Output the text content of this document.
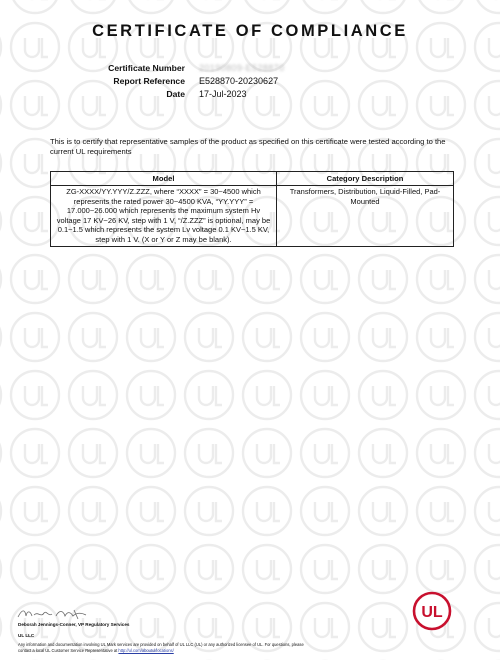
CERTIFICATE OF COMPLIANCE
Certificate Number	20190809-E528870
Report Reference	E528870-20230627
Date	17-Jul-2023
This is to certify that representative samples of the product as specified on this certificate were tested according to the current UL requirements
Model	Category Description
ZG-XXXX/YY.YYY/Z.ZZZ, where “XXXX” = 30~4500 which represents the rated power 30~4500 KVA, “YY.YYY” = 17.000~26.000 which represents the maximum system Hv voltage 17 KV~26 KV, step with 1 V, “/Z.ZZZ” is optional, may be 0.1~1.5 which represents the system Lv voltage 0.1 KV~1.5 KV, step with 1 V. (X or Y or Z may be blank).	Transformers, Distribution, Liquid-Filled, Pad-Mounted
Deborah Jennings-Conner, VP Regulatory Services
UL LLC
Any information and documentation involving UL Mark services are provided on behalf of UL LLC (UL) or any authorized licensee of UL. For questions, please
contact a local UL Customer Service Representative at http://ul.com/aboutul/locations/
UL
